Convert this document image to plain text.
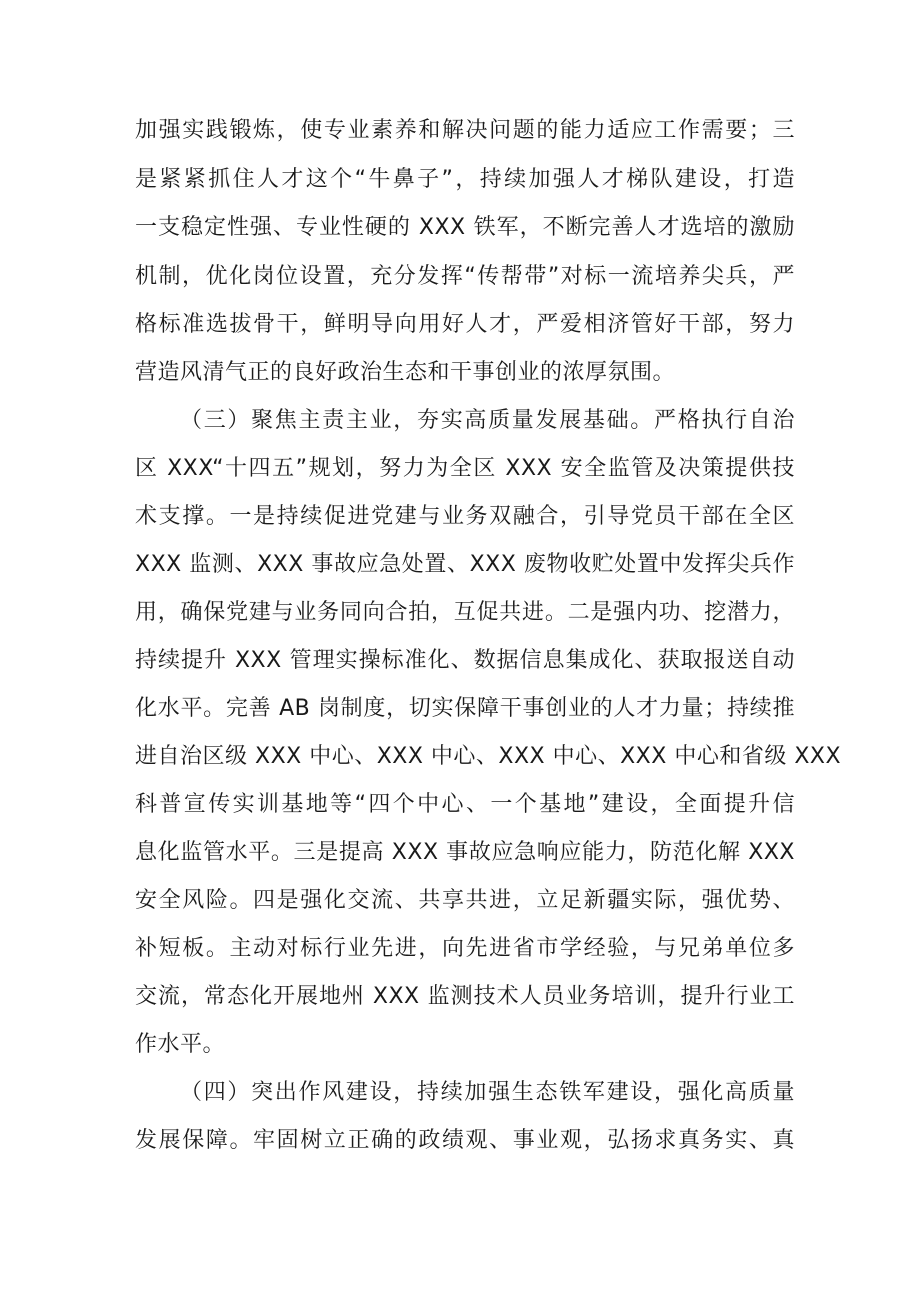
加强实践锻炼，使专业素养和解决问题的能力适应工作需要；三
是紧紧抓住人才这个“牛鼻子”，持续加强人才梯队建设，打造
一支稳定性强、专业性硬的 XXX 铁军，不断完善人才选培的激励
机制，优化岗位设置，充分发挥“传帮带”对标一流培养尖兵，严
格标准选拔骨干，鲜明导向用好人才，严爱相济管好干部，努力
营造风清气正的良好政治生态和干事创业的浓厚氛围。
（三）聚焦主责主业，夯实高质量发展基础。严格执行自治
区 XXX“十四五”规划，努力为全区 XXX 安全监管及决策提供技
术支撑。一是持续促进党建与业务双融合，引导党员干部在全区
XXX 监测、XXX 事故应急处置、XXX 废物收贮处置中发挥尖兵作
用，确保党建与业务同向合拍，互促共进。二是强内功、挖潜力，
持续提升 XXX 管理实操标准化、数据信息集成化、获取报送自动
化水平。完善 AB 岗制度，切实保障干事创业的人才力量；持续推
进自治区级 XXX 中心、XXX 中心、XXX 中心、XXX 中心和省级 XXX
科普宣传实训基地等“四个中心、一个基地”建设，全面提升信
息化监管水平。三是提高 XXX 事故应急响应能力，防范化解 XXX
安全风险。四是强化交流、共享共进，立足新疆实际，强优势、
补短板。主动对标行业先进，向先进省市学经验，与兄弟单位多
交流，常态化开展地州 XXX 监测技术人员业务培训，提升行业工
作水平。
（四）突出作风建设，持续加强生态铁军建设，强化高质量
发展保障。牢固树立正确的政绩观、事业观，弘扬求真务实、真
